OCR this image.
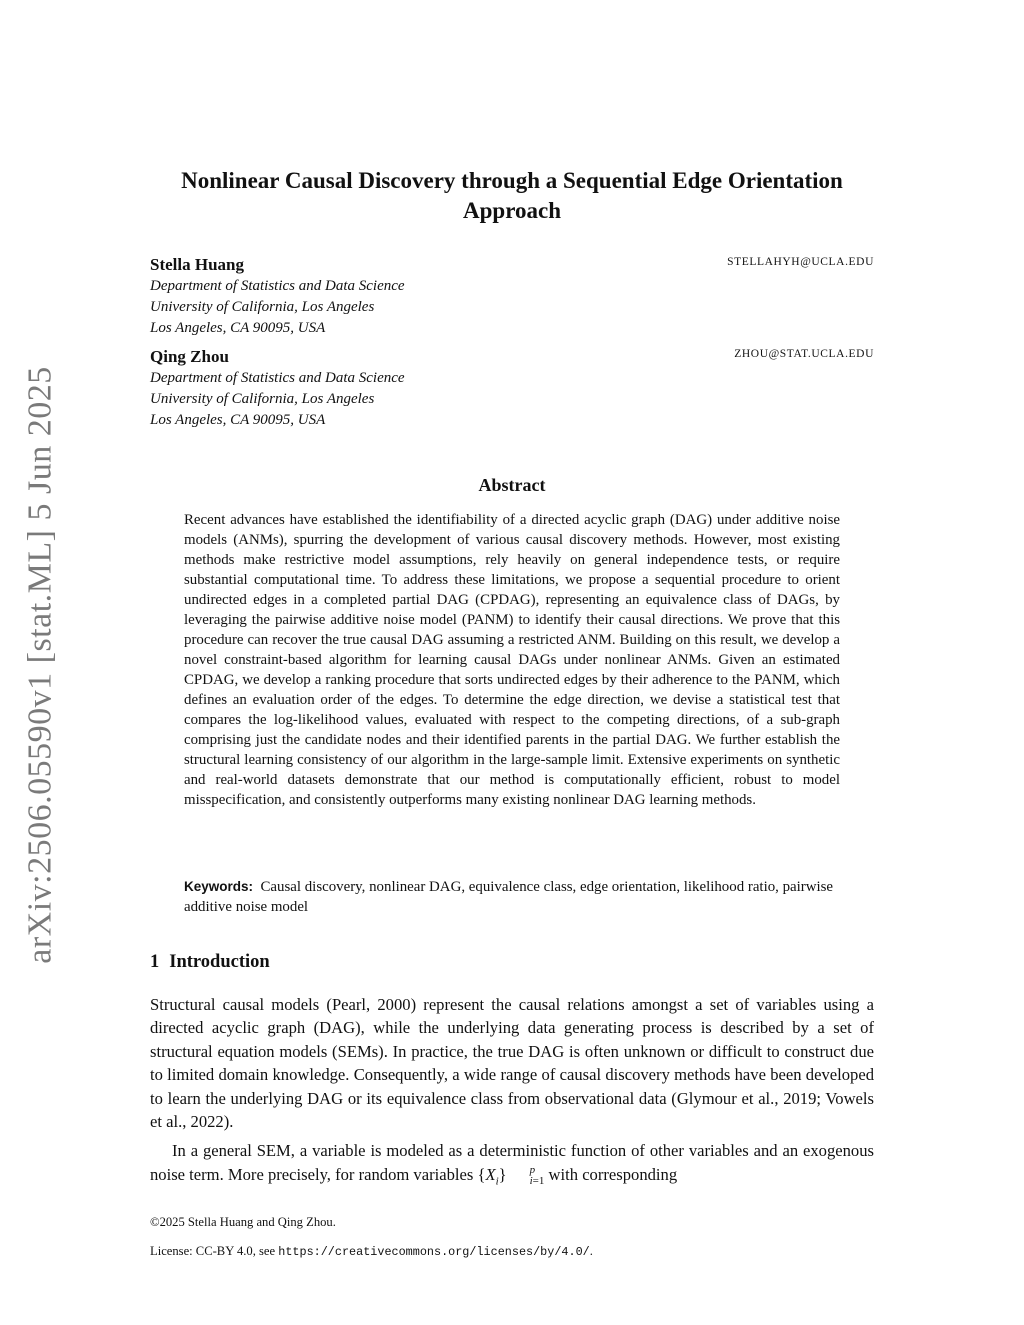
arXiv:2506.05590v1 [stat.ML] 5 Jun 2025
Nonlinear Causal Discovery through a Sequential Edge Orientation Approach
Stella Huang	STELLAHYH@UCLA.EDU
Department of Statistics and Data Science
University of California, Los Angeles
Los Angeles, CA 90095, USA
Qing Zhou	ZHOU@STAT.UCLA.EDU
Department of Statistics and Data Science
University of California, Los Angeles
Los Angeles, CA 90095, USA
Abstract
Recent advances have established the identifiability of a directed acyclic graph (DAG) under additive noise models (ANMs), spurring the development of various causal discovery methods. However, most existing methods make restrictive model assumptions, rely heavily on general independence tests, or require substantial computational time. To address these limitations, we propose a sequential procedure to orient undirected edges in a completed partial DAG (CPDAG), representing an equivalence class of DAGs, by leveraging the pairwise additive noise model (PANM) to identify their causal directions. We prove that this procedure can recover the true causal DAG assuming a restricted ANM. Building on this result, we develop a novel constraint-based algorithm for learning causal DAGs under nonlinear ANMs. Given an estimated CPDAG, we develop a ranking procedure that sorts undirected edges by their adherence to the PANM, which defines an evaluation order of the edges. To determine the edge direction, we devise a statistical test that compares the log-likelihood values, evaluated with respect to the competing directions, of a sub-graph comprising just the candidate nodes and their identified parents in the partial DAG. We further establish the structural learning consistency of our algorithm in the large-sample limit. Extensive experiments on synthetic and real-world datasets demonstrate that our method is computationally efficient, robust to model misspecification, and consistently outperforms many existing nonlinear DAG learning methods.
Keywords: Causal discovery, nonlinear DAG, equivalence class, edge orientation, likelihood ratio, pairwise additive noise model
1 Introduction

Structural causal models (Pearl, 2000) represent the causal relations amongst a set of variables using a directed acyclic graph (DAG), while the underlying data generating process is described by a set of structural equation models (SEMs). In practice, the true DAG is often unknown or difficult to construct due to limited domain knowledge. Consequently, a wide range of causal discovery methods have been developed to learn the underlying DAG or its equivalence class from observational data (Glymour et al., 2019; Vowels et al., 2022).

In a general SEM, a variable is modeled as a deterministic function of other variables and an exogenous noise term. More precisely, for random variables $\{X_i\}$	p
i=1 with corresponding

©2025 Stella Huang and Qing Zhou.
License: CC-BY 4.0, see https://creativecommons.org/licenses/by/4.0/.
